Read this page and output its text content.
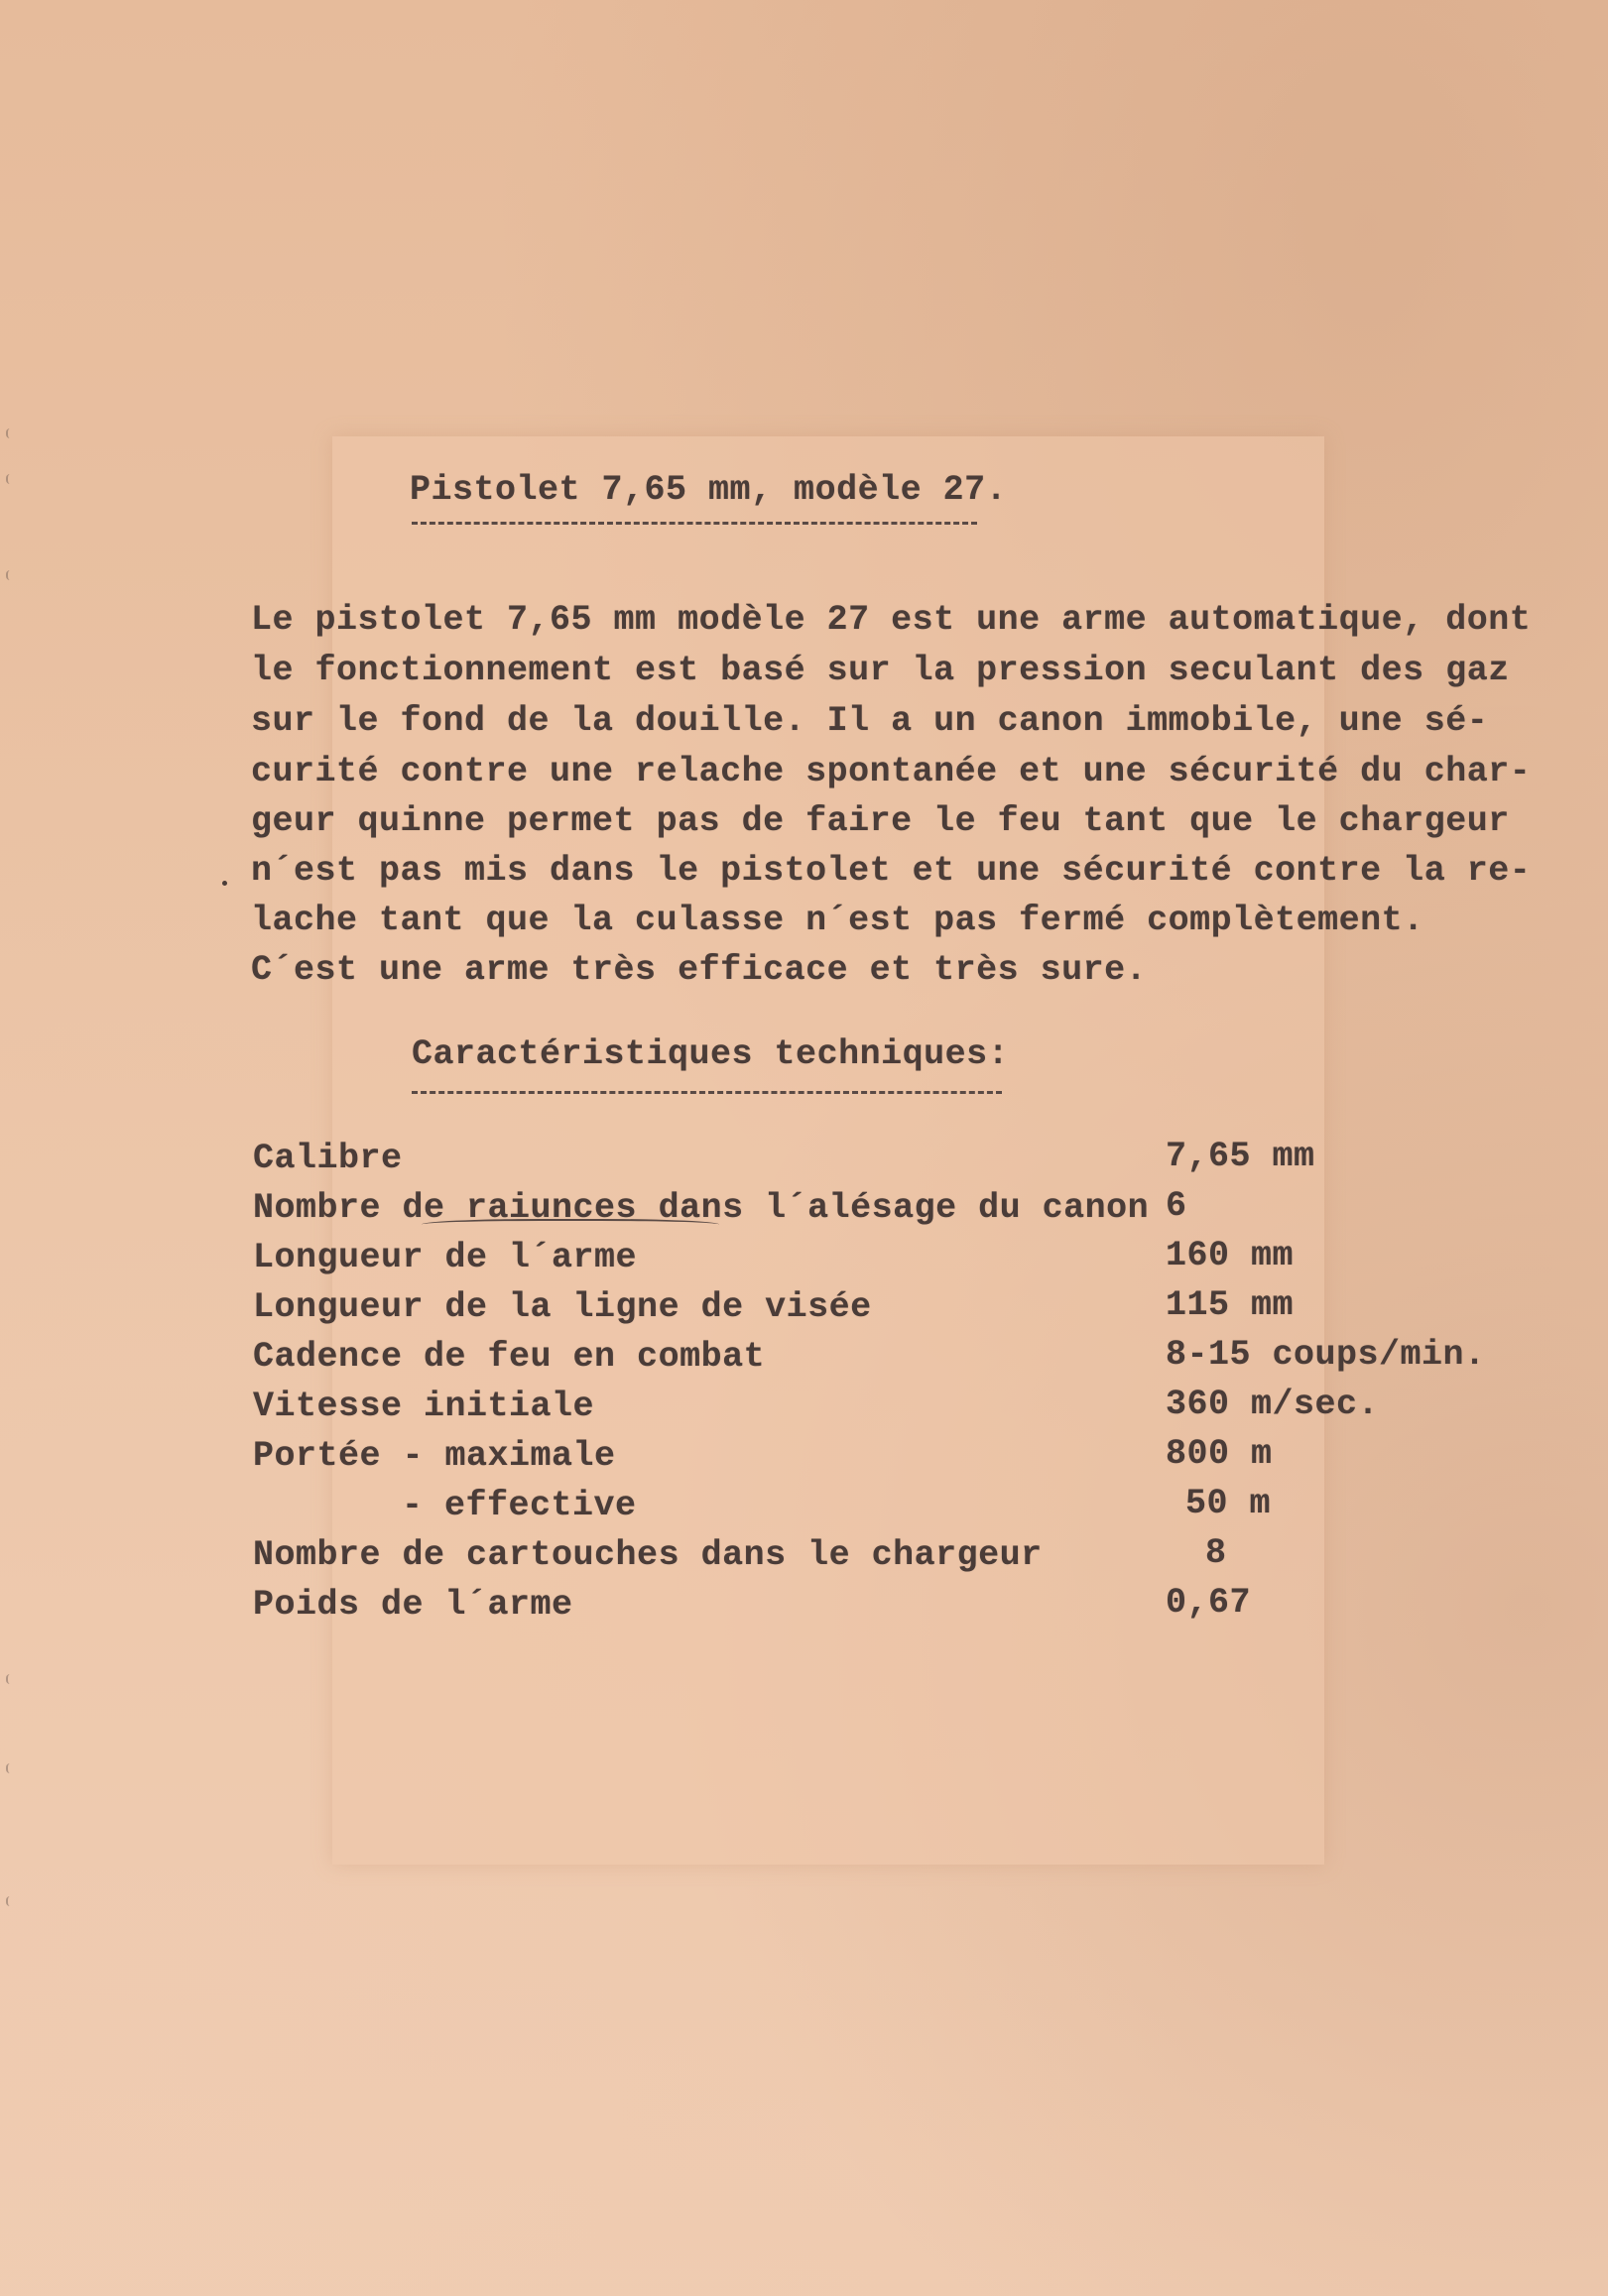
Pistolet 7,65 mm, modèle 27.
Le pistolet 7,65 mm modèle 27 est une arme automatique, dont
le fonctionnement est basé sur la pression seculant des gaz
sur le fond de la douille. Il a un canon immobile, une sé-
curité contre une relache spontanée et une sécurité du char-
geur quinne permet pas de faire le feu tant que le chargeur
n´est pas mis dans le pistolet et une sécurité contre la re-
lache tant que la culasse n´est pas fermé complètement.
C´est une arme très efficace et très sure.
Caractéristiques techniques:
Calibre	7,65 mm
Nombre de raiunces dans l´alésage du canon 6
Longueur de l´arme	160 mm
Longueur de la ligne de visée	115 mm
Cadence de feu en combat	8-15 coups/min.
Vitesse initiale	360 m/sec.
Portée - maximale	800 m
- effective	50 m
Nombre de cartouches dans le chargeur	8
Poids de l´arme	0,67
